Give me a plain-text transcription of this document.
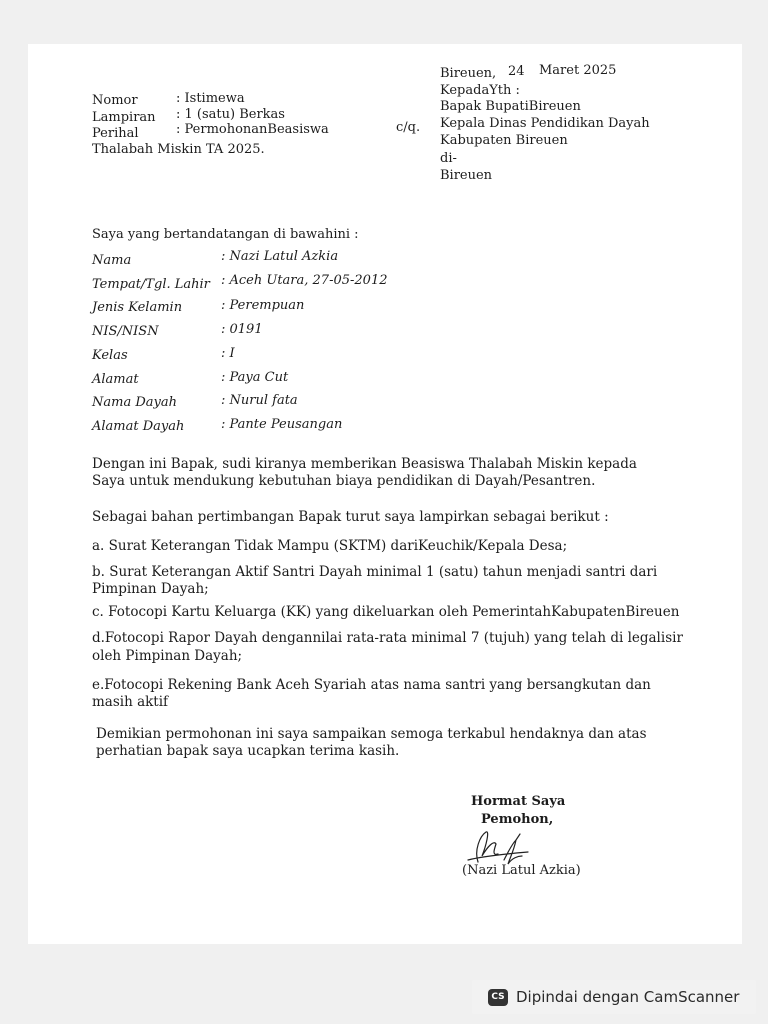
Nomor	: Istimewa
Lampiran : 1 (satu) Berkas
Perihal	: PermohonanBeasiswa
Thalabah Miskin TA 2025.
c/q.
Bireuen, 24 Maret 2025
KepadaYth :
Bapak BupatiBireuen
Kepala Dinas Pendidikan Dayah
Kabupaten Bireuen
di-
Bireuen
Saya yang bertandatangan di bawahini :
Nama	: Nazi Latul Azkia
Tempat/Tgl. Lahir : Aceh Utara, 27-05-2012
Jenis Kelamin	: Perempuan
NIS/NISN	: 0191
Kelas	: I
Alamat	: Paya Cut
Nama Dayah	: Nurul fata
Alamat Dayah	: Pante Peusangan
Dengan ini Bapak, sudi kiranya memberikan Beasiswa Thalabah Miskin kepada
Saya untuk mendukung kebutuhan biaya pendidikan di Dayah/Pesantren.
Sebagai bahan pertimbangan Bapak turut saya lampirkan sebagai berikut :
a. Surat Keterangan Tidak Mampu (SKTM) dariKeuchik/Kepala Desa;
b. Surat Keterangan Aktif Santri Dayah minimal 1 (satu) tahun menjadi santri dari
Pimpinan Dayah;
c. Fotocopi Kartu Keluarga (KK) yang dikeluarkan oleh PemerintahKabupatenBireuen
d.Fotocopi Rapor Dayah dengannilai rata-rata minimal 7 (tujuh) yang telah di legalisir
oleh Pimpinan Dayah;
e.Fotocopi Rekening Bank Aceh Syariah atas nama santri yang bersangkutan dan
masih aktif
Demikian permohonan ini saya sampaikan semoga terkabul hendaknya dan atas
perhatian bapak saya ucapkan terima kasih.
Hormat Saya
Pemohon,
(Nazi Latul Azkia)
CS Dipindai dengan CamScanner
